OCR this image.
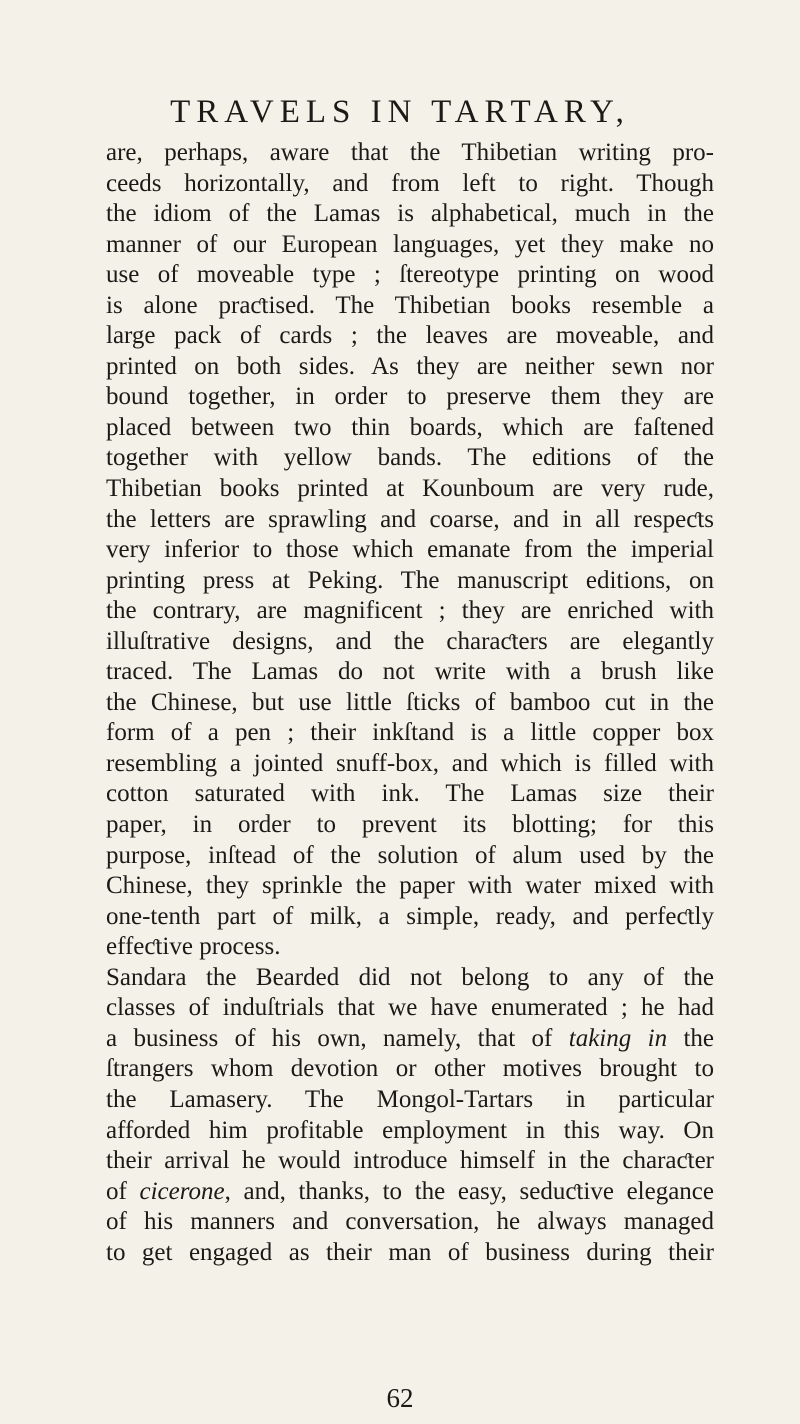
TRAVELS IN TARTARY,
are, perhaps, aware that the Thibetian writing pro-
ceeds horizontally, and from left to right. Though
the idiom of the Lamas is alphabetical, much in the
manner of our European languages, yet they make no
use of moveable type ; ſtereotype printing on wood
is alone praƈtised. The Thibetian books resemble a
large pack of cards ; the leaves are moveable, and
printed on both sides. As they are neither sewn nor
bound together, in order to preserve them they are
placed between two thin boards, which are faſtened
together with yellow bands. The editions of the
Thibetian books printed at Kounboum are very rude,
the letters are sprawling and coarse, and in all respeƈts
very inferior to those which emanate from the imperial
printing press at Peking. The manuscript editions, on
the contrary, are magnificent ; they are enriched with
illuſtrative designs, and the charaƈters are elegantly
traced. The Lamas do not write with a brush like
the Chinese, but use little ſticks of bamboo cut in the
form of a pen ; their inkſtand is a little copper box
resembling a jointed snuff-box, and which is filled with
cotton saturated with ink. The Lamas size their
paper, in order to prevent its blotting; for this
purpose, inſtead of the solution of alum used by the
Chinese, they sprinkle the paper with water mixed with
one-tenth part of milk, a simple, ready, and perfeƈtly
effeƈtive process.
Sandara the Bearded did not belong to any of the
classes of induſtrials that we have enumerated ; he had
a business of his own, namely, that of taking in the
ſtrangers whom devotion or other motives brought to
the Lamasery. The Mongol-Tartars in particular
afforded him profitable employment in this way. On
their arrival he would introduce himself in the charaƈter
of cicerone, and, thanks, to the easy, seduƈtive elegance
of his manners and conversation, he always managed
to get engaged as their man of business during their
62
